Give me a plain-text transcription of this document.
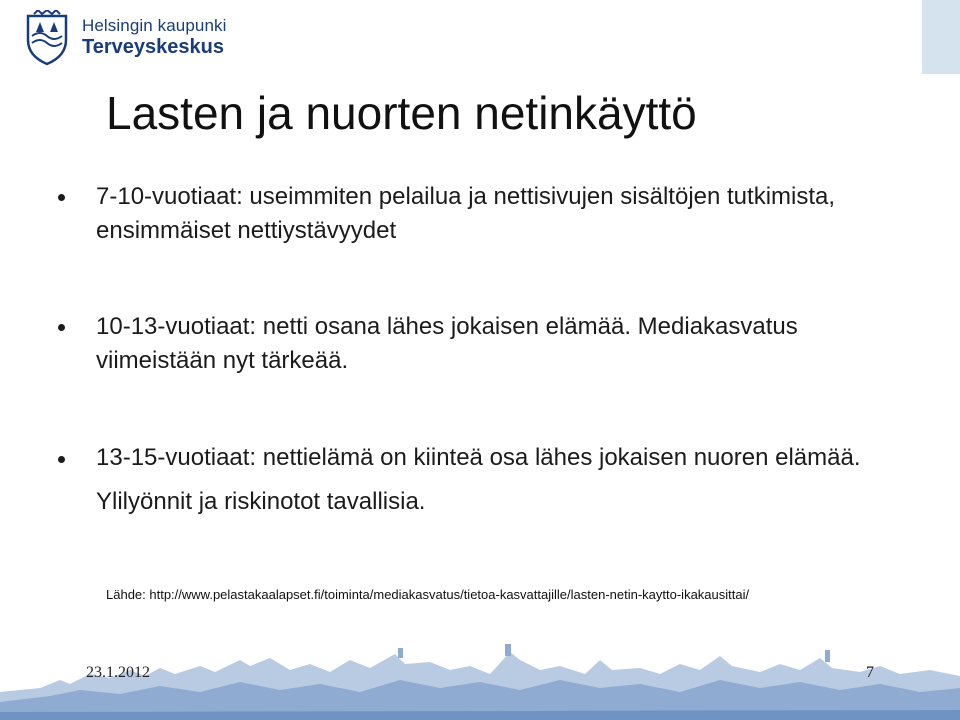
Helsingin kaupunki
Terveyskeskus
Lasten ja nuorten netinkäyttö
7-10-vuotiaat: useimmiten pelailua ja nettisivujen sisältöjen tutkimista, ensimmäiset nettiystävyydet
10-13-vuotiaat: netti osana lähes jokaisen elämää. Mediakasvatus viimeistään nyt tärkeää.
13-15-vuotiaat: nettielämä on kiinteä osa lähes jokaisen nuoren elämää. Ylilyönnit ja riskinotot tavallisia.
Lähde: http://www.pelastakaalapset.fi/toiminta/mediakasvatus/tietoa-kasvattajille/lasten-netin-kaytto-ikakausittai/
23.1.2012	7
